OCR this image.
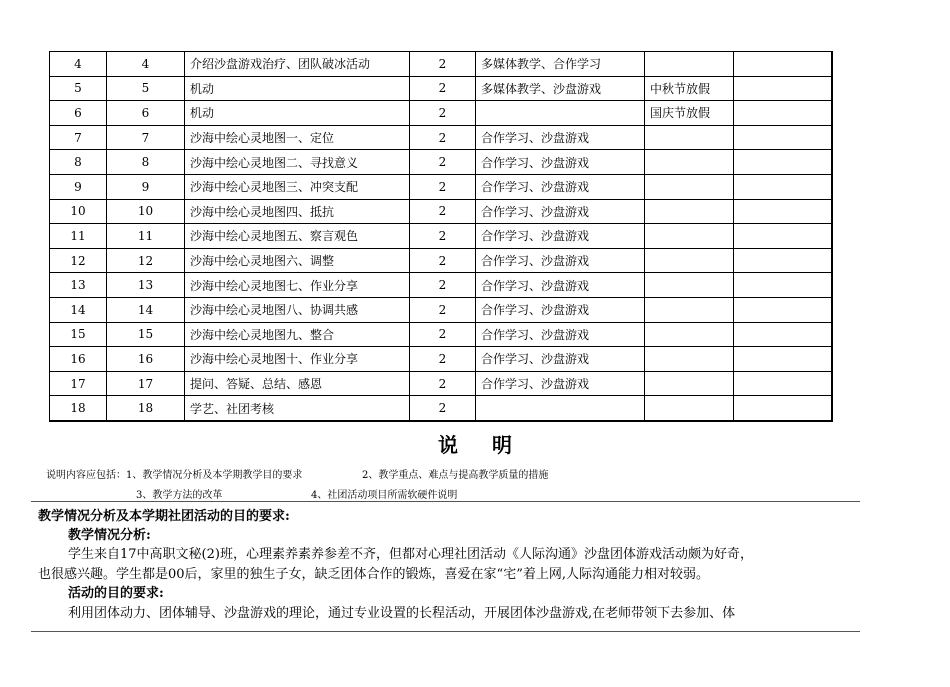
4	4	介绍沙盘游戏治疗、团队破冰活动	2	多媒体教学、合作学习		
5	5	机动	2	多媒体教学、沙盘游戏	中秋节放假	
6	6	机动	2		国庆节放假	
7	7	沙海中绘心灵地图一、定位	2	合作学习、沙盘游戏		
8	8	沙海中绘心灵地图二、寻找意义	2	合作学习、沙盘游戏		
9	9	沙海中绘心灵地图三、冲突支配	2	合作学习、沙盘游戏		
10	10	沙海中绘心灵地图四、抵抗	2	合作学习、沙盘游戏		
11	11	沙海中绘心灵地图五、察言观色	2	合作学习、沙盘游戏		
12	12	沙海中绘心灵地图六、调整	2	合作学习、沙盘游戏		
13	13	沙海中绘心灵地图七、作业分享	2	合作学习、沙盘游戏		
14	14	沙海中绘心灵地图八、协调共感	2	合作学习、沙盘游戏		
15	15	沙海中绘心灵地图九、整合	2	合作学习、沙盘游戏		
16	16	沙海中绘心灵地图十、作业分享	2	合作学习、沙盘游戏		
17	17	提问、答疑、总结、感恩	2	合作学习、沙盘游戏		
18	18	学艺、社团考核	2			
说明
说明内容应包括：1、教学情况分析及本学期教学目的要求	2、教学重点、难点与提高教学质量的措施
3、教学方法的改革	4、社团活动项目所需软硬件说明
教学情况分析及本学期社团活动的目的要求:
教学情况分析:
学生来自17中高职文秘(2)班，心理素养素养参差不齐，但都对心理社团活动《人际沟通》沙盘团体游戏活动颇为好奇，
也很感兴趣。学生都是00后，家里的独生子女，缺乏团体合作的锻炼，喜爱在家“宅”着上网,人际沟通能力相对较弱。
活动的目的要求:
利用团体动力、团体辅导、沙盘游戏的理论，通过专业设置的长程活动，开展团体沙盘游戏,在老师带领下去参加、体
